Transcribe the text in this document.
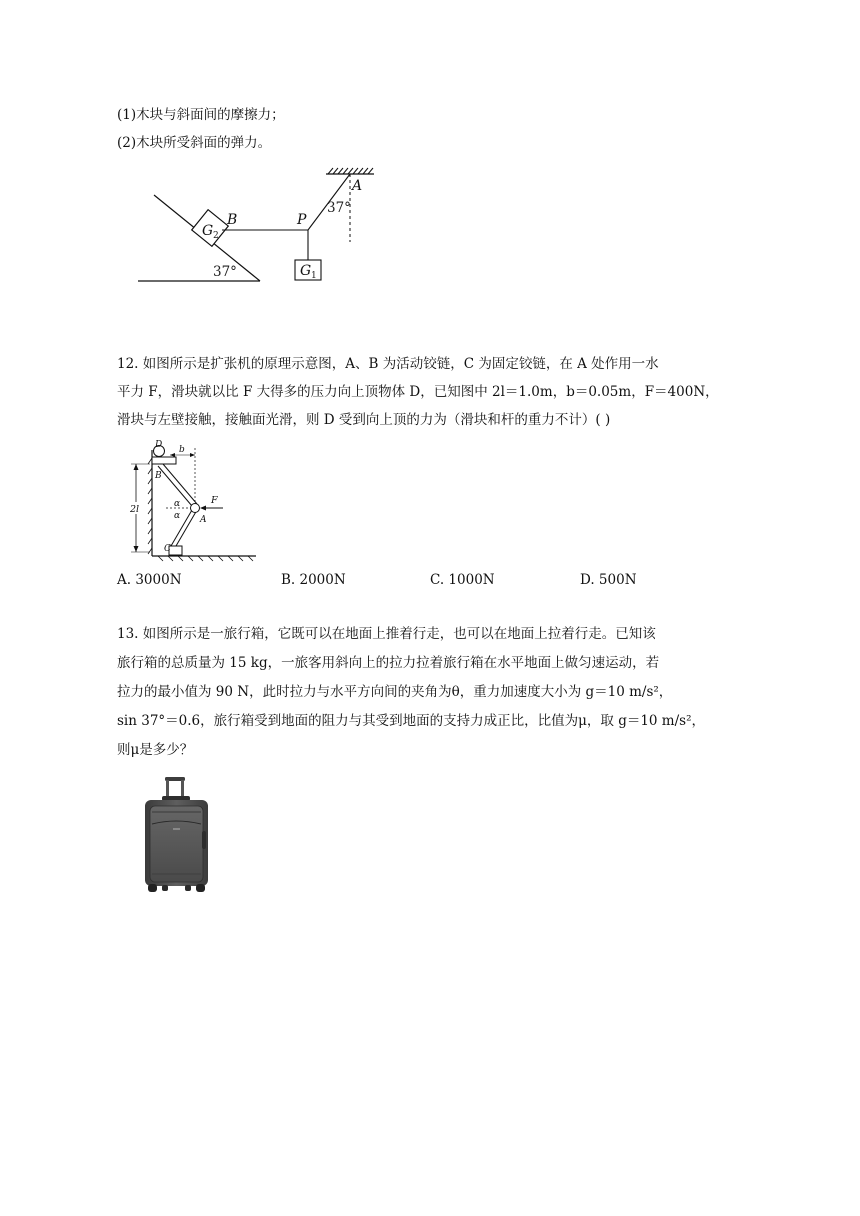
(1)木块与斜面间的摩擦力；
(2)木块所受斜面的弹力。
G 2
B	P
G 1
A
37°
37°
12. 如图所示是扩张机的原理示意图，A、B 为活动铰链，C 为固定铰链，在 A 处作用一水
平力 F，滑块就以比 F 大得多的压力向上顶物体 D，已知图中 2l＝1.0m，b＝0.05m，F＝400N，
滑块与左壁接触，接触面光滑，则 D 受到向上顶的力为（滑块和杆的重力不计）( )
2l
D b
B
C
A
α
α
F
A. 3000N	B. 2000N	C. 1000N	D. 500N
13. 如图所示是一旅行箱，它既可以在地面上推着行走，也可以在地面上拉着行走。已知该
旅行箱的总质量为 15 kg，一旅客用斜向上的拉力拉着旅行箱在水平地面上做匀速运动，若
拉力的最小值为 90 N，此时拉力与水平方向间的夹角为θ，重力加速度大小为 g＝10 m/s²，
sin 37°＝0.6，旅行箱受到地面的阻力与其受到地面的支持力成正比，比值为μ，取 g＝10 m/s²，
则μ是多少？
